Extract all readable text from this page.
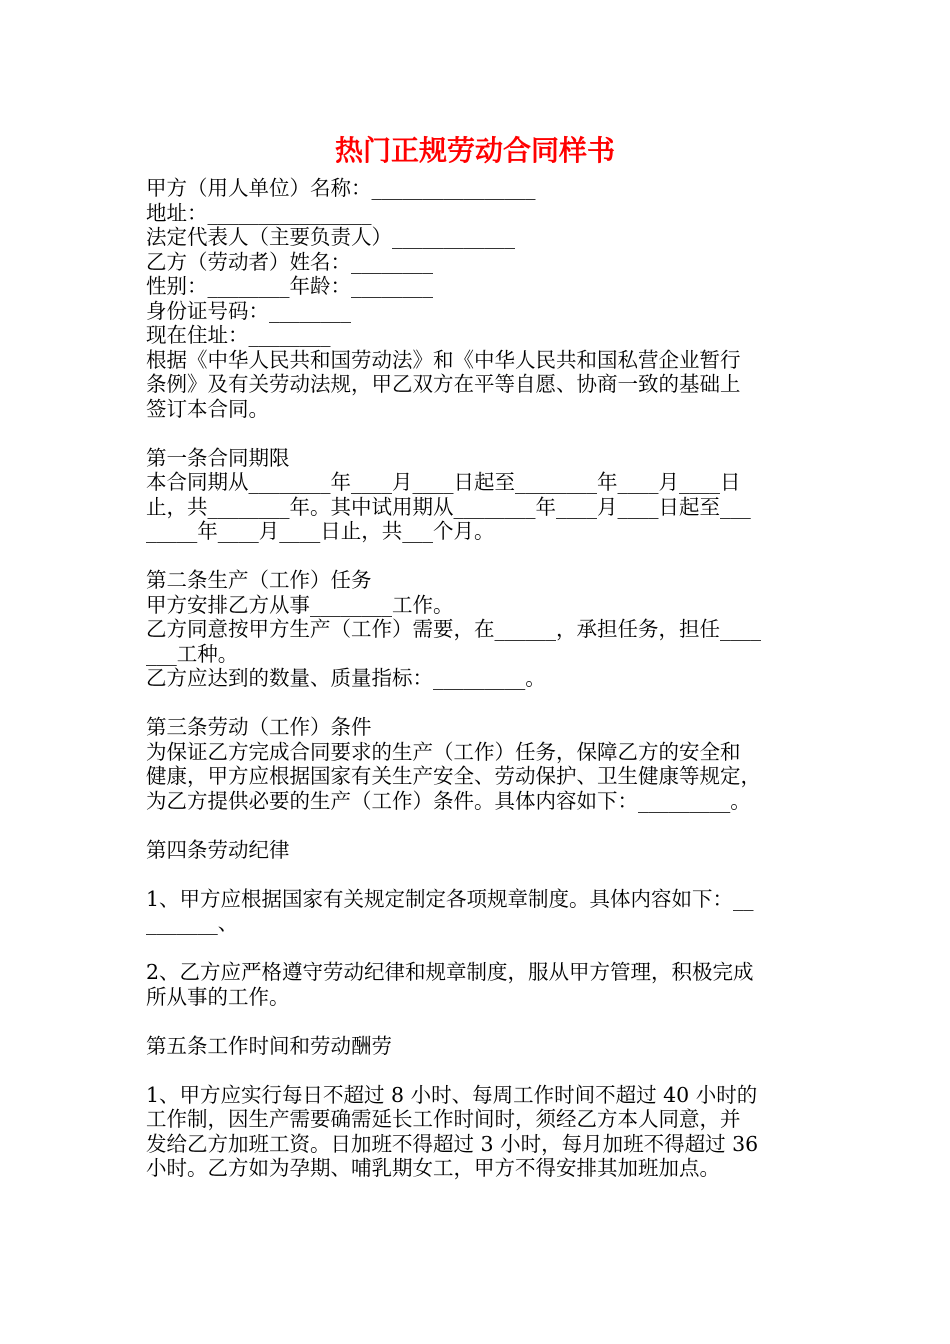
热门正规劳动合同样书
甲方（用人单位）名称：________________
地址：________________
法定代表人（主要负责人）____________
乙方（劳动者）姓名：________
性别：________年龄：________
身份证号码：________
现在住址：________
根据《中华人民共和国劳动法》和《中华人民共和国私营企业暂行
条例》及有关劳动法规，甲乙双方在平等自愿、协商一致的基础上
签订本合同。
第一条合同期限
本合同期从________年____月____日起至________年____月____日
止，共________年。其中试用期从________年____月____日起至___
_____年____月____日止，共___个月。
第二条生产（工作）任务
甲方安排乙方从事________工作。
乙方同意按甲方生产（工作）需要，在______，承担任务，担任____
___工种。
乙方应达到的数量、质量指标：_________。
第三条劳动（工作）条件
为保证乙方完成合同要求的生产（工作）任务，保障乙方的安全和
健康，甲方应根据国家有关生产安全、劳动保护、卫生健康等规定，
为乙方提供必要的生产（工作）条件。具体内容如下：_________。
第四条劳动纪律
1、甲方应根据国家有关规定制定各项规章制度。具体内容如下：__
_______、
2、乙方应严格遵守劳动纪律和规章制度，服从甲方管理，积极完成
所从事的工作。
第五条工作时间和劳动酬劳
1、甲方应实行每日不超过 8 小时、每周工作时间不超过 40 小时的
工作制，因生产需要确需延长工作时间时，须经乙方本人同意，并
发给乙方加班工资。日加班不得超过 3 小时，每月加班不得超过 36
小时。乙方如为孕期、哺乳期女工，甲方不得安排其加班加点。
